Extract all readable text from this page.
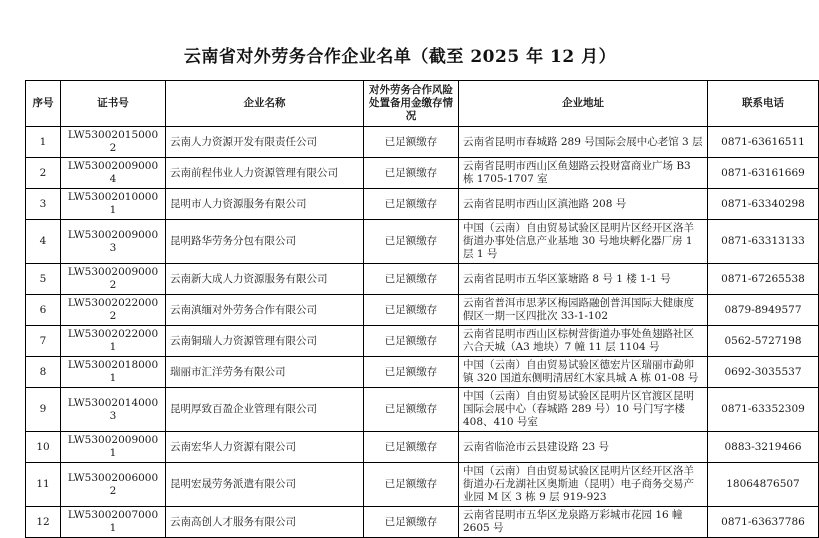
云南省对外劳务合作企业名单（截至 2025 年 12 月）
序号	证书号	企业名称	对外劳务合作风险处置备用金缴存情况	企业地址	联系电话
1	LW530020150002	云南人力资源开发有限责任公司	已足额缴存	云南省昆明市春城路 289 号国际会展中心老馆 3 层	0871-63616511
2	LW530020090004	云南前程伟业人力资源管理有限公司	已足额缴存	云南省昆明市西山区鱼翅路云投财富商业广场 B3 栋 1705-1707 室	0871-63161669
3	LW530020100001	昆明市人力资源服务有限公司	已足额缴存	云南省昆明市西山区滇池路 208 号	0871-63340298
4	LW530020090003	昆明路华劳务分包有限公司	已足额缴存	中国（云南）自由贸易试验区昆明片区经开区洛羊街道办事处信息产业基地 30 号地块孵化器厂房 1 层 1 号	0871-63313133
5	LW530020090002	云南新大成人力资源服务有限公司	已足额缴存	云南省昆明市五华区篆塘路 8 号 1 楼 1-1 号	0871-67265538
6	LW530020220002	云南滇缅对外劳务合作有限公司	已足额缴存	云南省普洱市思茅区梅园路融创普洱国际大健康度假区一期一区四批次 33-1-102	0879-8949577
7	LW530020220001	云南铜瑞人力资源管理有限公司	已足额缴存	云南省昆明市西山区棕树营街道办事处鱼翅路社区六合天城（A3 地块）7 幢 11 层 1104 号	0562-5727198
8	LW530020180001	瑞丽市汇洋劳务有限公司	已足额缴存	中国（云南）自由贸易试验区德宏片区瑞丽市勐卯镇 320 国道东侧明清居红木家具城 A 栋 01-08 号	0692-3035537
9	LW530020140003	昆明厚致百盈企业管理有限公司	已足额缴存	中国（云南）自由贸易试验区昆明片区官渡区昆明国际会展中心（春城路 289 号）10 号门写字楼 408、410 号室	0871-63352309
10	LW530020090001	云南宏华人力资源有限公司	已足额缴存	云南省临沧市云县建设路 23 号	0883-3219466
11	LW530020060002	昆明宏晟劳务派遣有限公司	已足额缴存	中国（云南）自由贸易试验区昆明片区经开区洛羊街道办石龙湖社区奥斯迪（昆明）电子商务交易产业园 M 区 3 栋 9 层 919-923	18064876507
12	LW530020070001	云南高创人才服务有限公司	已足额缴存	云南省昆明市五华区龙泉路万彩城市花园 16 幢 2605 号	0871-63637786
